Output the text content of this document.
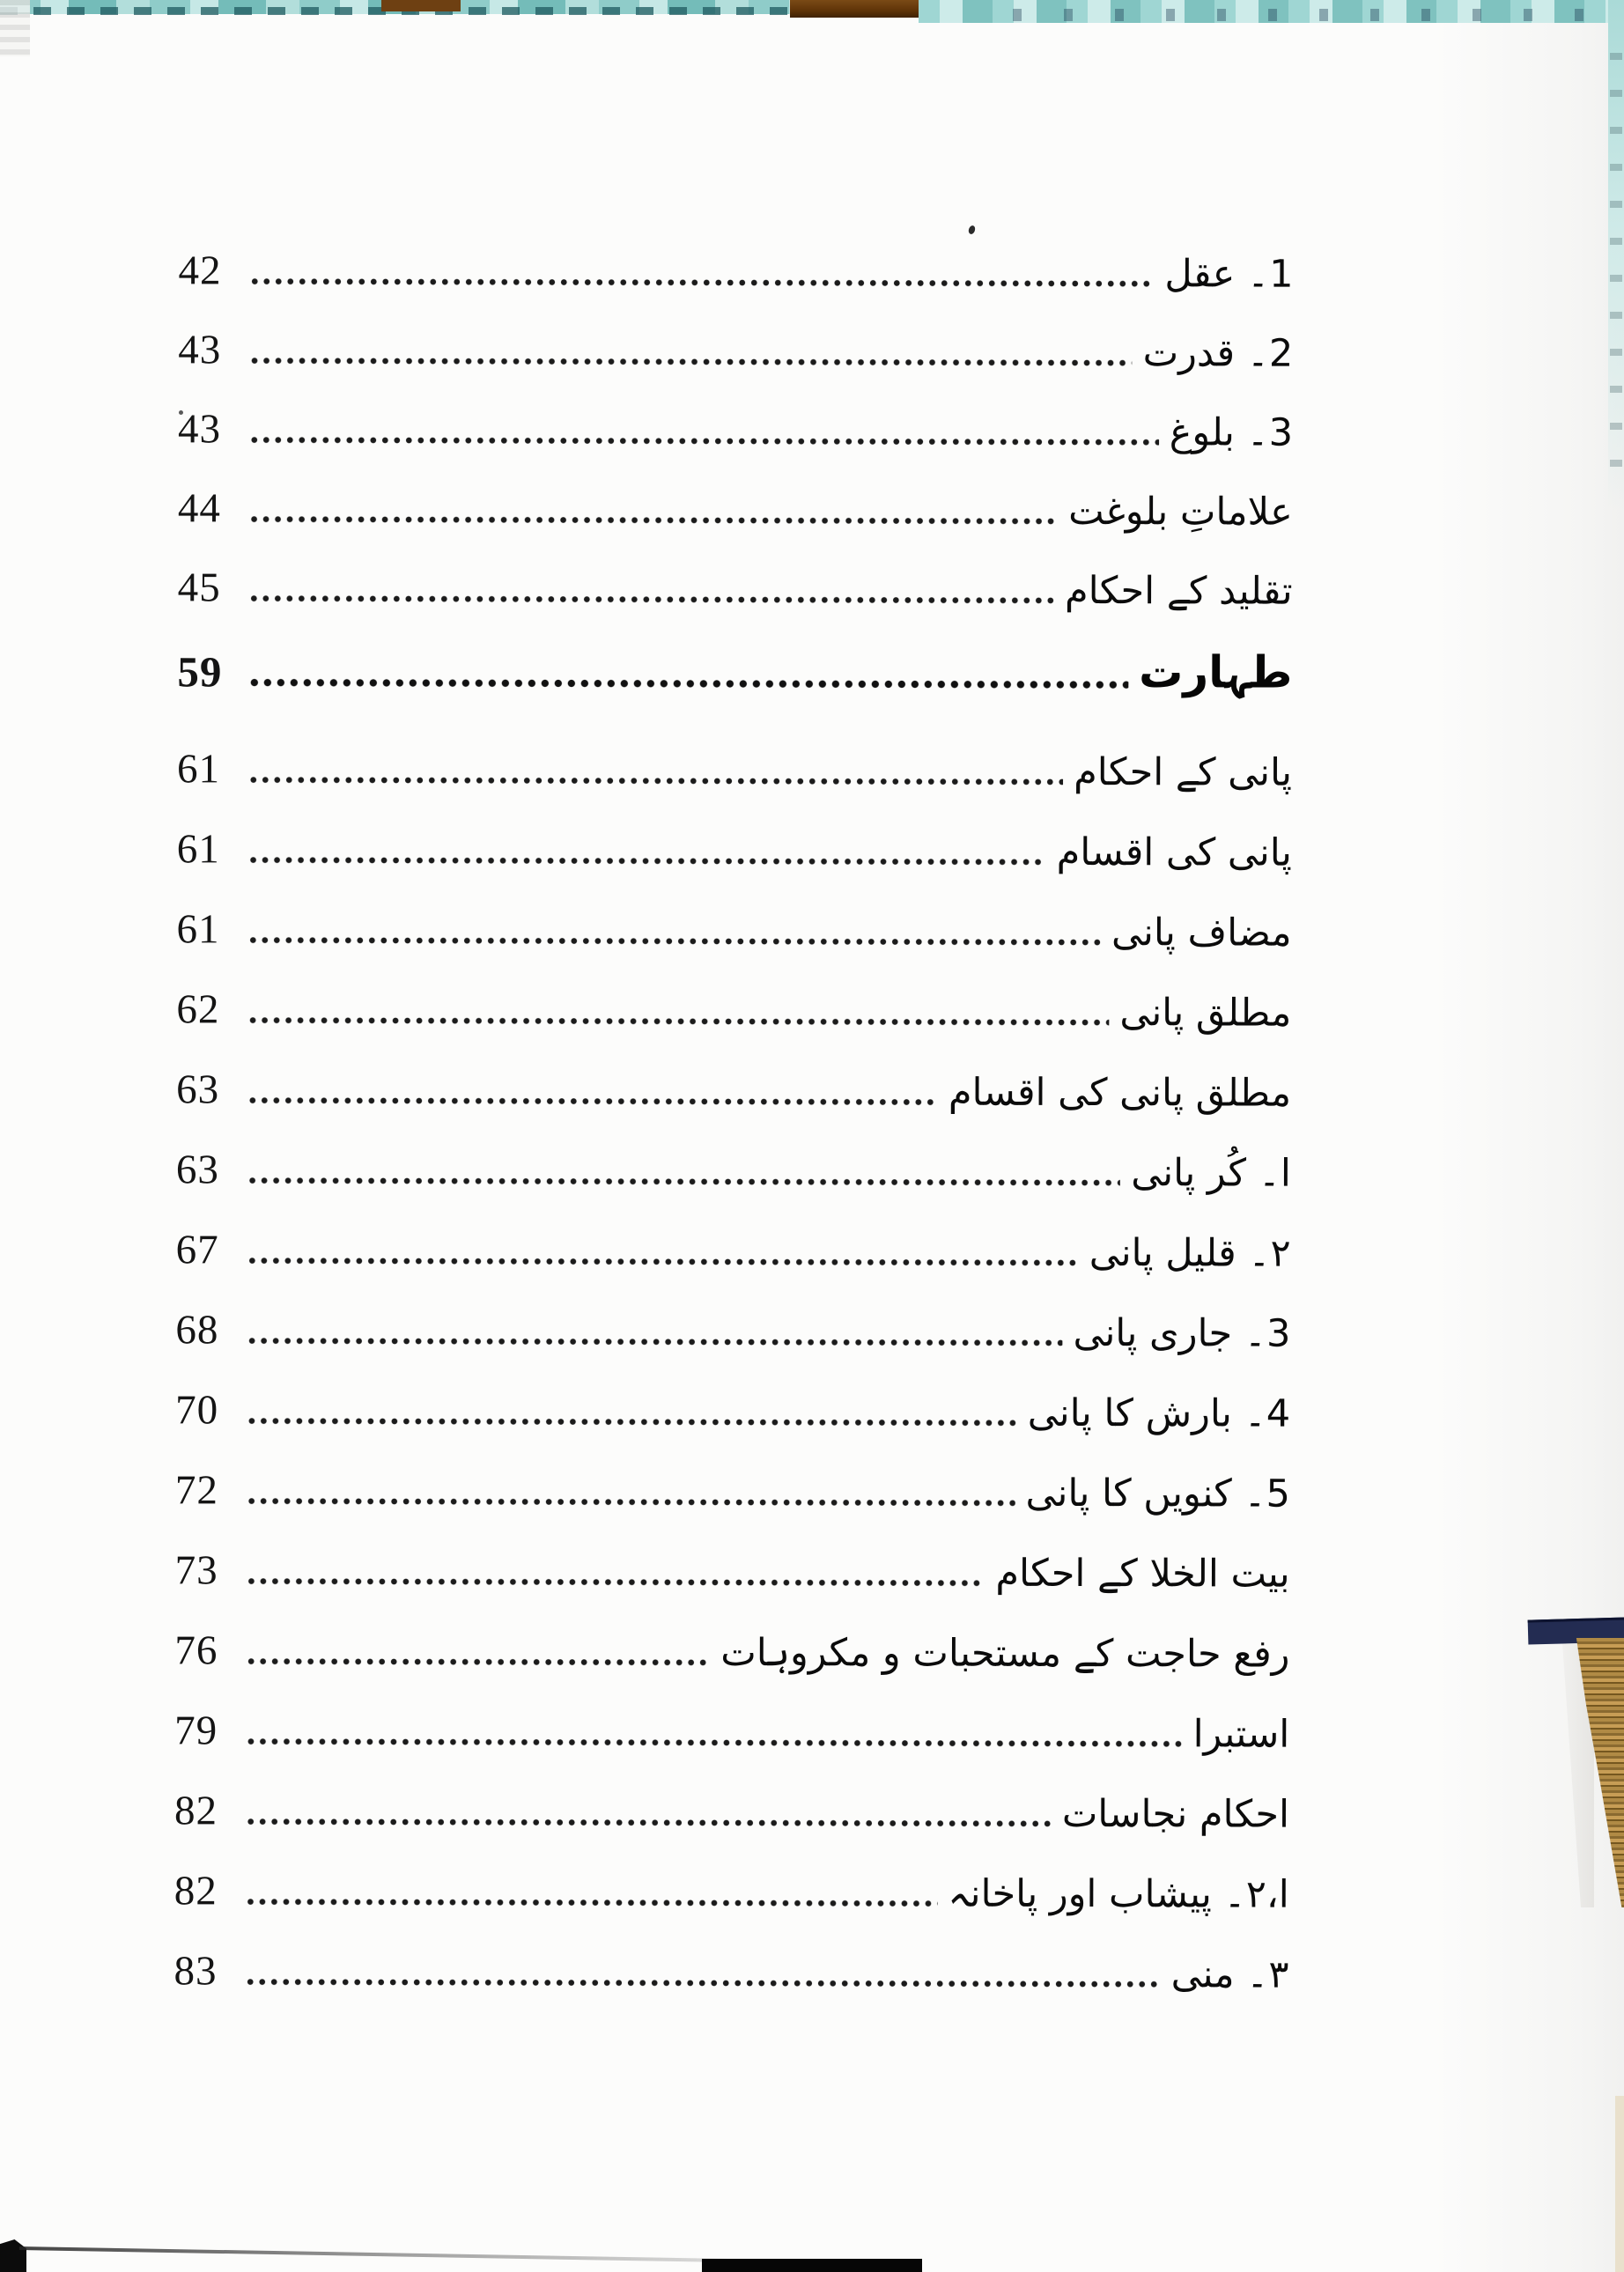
42	1۔ عقل
43	2۔ قدرت
43	3۔ بلوغ
44	علاماتِ بلوغت
45	تقلید کے احکام
59	طہارت
61	پانی کے احکام
61	پانی کی اقسام
61	مضاف پانی
62	مطلق پانی
63	مطلق پانی کی اقسام
63	ا۔ کُر پانی
67	۲۔ قلیل پانی
68	3۔ جاری پانی
70	4۔ بارش کا پانی
72	5۔ کنویں کا پانی
73	بیت الخلا کے احکام
76	رفع حاجت کے مستحبات و مکروہات
79	استبرا
82	احکام نجاسات
82	ا،۲۔ پیشاب اور پاخانہ
83	۳۔ منی
